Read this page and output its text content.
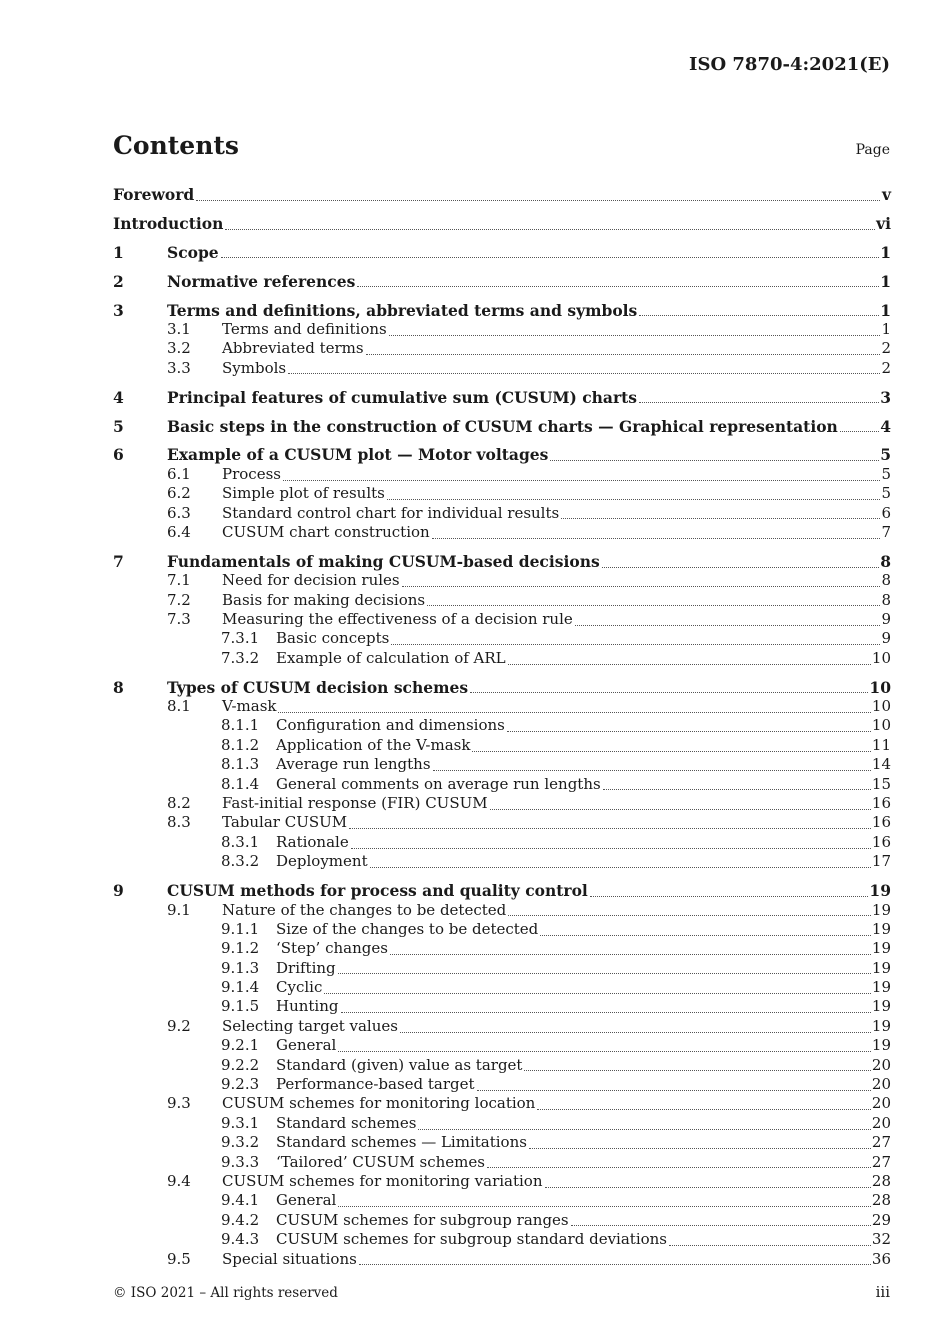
ISO 7870-4:2021(E)
Contents	Page
Foreword	v
Introduction	vi
1	Scope	1
2	Normative references	1
3	Terms and definitions, abbreviated terms and symbols	1
3.1 Terms and definitions	1
3.2 Abbreviated terms	2
3.3 Symbols	2
4	Principal features of cumulative sum (CUSUM) charts	3
5	Basic steps in the construction of CUSUM charts — Graphical representation	4
6	Example of a CUSUM plot — Motor voltages	5
6.1 Process	5
6.2 Simple plot of results	5
6.3 Standard control chart for individual results	6
6.4 CUSUM chart construction	7
7	Fundamentals of making CUSUM-based decisions	8
7.1 Need for decision rules	8
7.2 Basis for making decisions	8
7.3 Measuring the effectiveness of a decision rule	9
7.3.1 Basic concepts	9
7.3.2 Example of calculation of ARL	10
8	Types of CUSUM decision schemes	10
8.1 V-mask	10
8.1.1 Configuration and dimensions	10
8.1.2 Application of the V-mask	11
8.1.3 Average run lengths	14
8.1.4 General comments on average run lengths	15
8.2 Fast-initial response (FIR) CUSUM	16
8.3 Tabular CUSUM	16
8.3.1 Rationale	16
8.3.2 Deployment	17
9	CUSUM methods for process and quality control	19
9.1 Nature of the changes to be detected	19
9.1.1 Size of the changes to be detected	19
9.1.2 ‘Step’ changes	19
9.1.3 Drifting	19
9.1.4 Cyclic	19
9.1.5 Hunting	19
9.2 Selecting target values	19
9.2.1 General	19
9.2.2 Standard (given) value as target	20
9.2.3 Performance-based target	20
9.3 CUSUM schemes for monitoring location	20
9.3.1 Standard schemes	20
9.3.2 Standard schemes — Limitations	27
9.3.3 ‘Tailored’ CUSUM schemes	27
9.4 CUSUM schemes for monitoring variation	28
9.4.1 General	28
9.4.2 CUSUM schemes for subgroup ranges	29
9.4.3 CUSUM schemes for subgroup standard deviations	32
9.5 Special situations	36
© ISO 2021 – All rights reserved	iii
